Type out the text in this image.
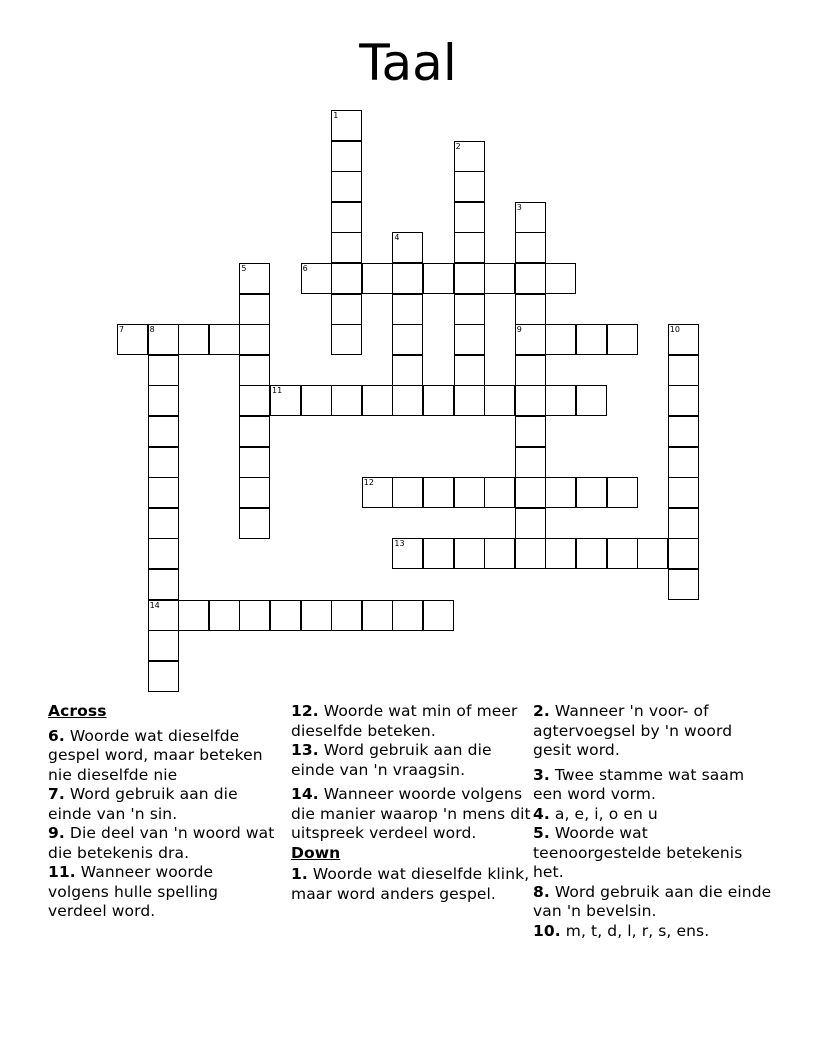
Taal
1
2
3
9
4
5	6
7	8
14
10
11
12
13
Across
6. Woorde wat dieselfde gespel word, maar beteken nie dieselfde nie
7. Word gebruik aan die einde van 'n sin.
9. Die deel van 'n woord wat die betekenis dra.
11. Wanneer woorde volgens hulle spelling verdeel word.
12. Woorde wat min of meer dieselfde beteken.
13. Word gebruik aan die einde van 'n vraagsin.
14. Wanneer woorde volgens die manier waarop 'n mens dit uitspreek verdeel word.
Down
1. Woorde wat dieselfde klink, maar word anders gespel.
2. Wanneer 'n voor- of agtervoegsel by 'n woord gesit word.
3. Twee stamme wat saam een word vorm.
4. a, e, i, o en u
5. Woorde wat teenoorgestelde betekenis het.
8. Word gebruik aan die einde van 'n bevelsin.
10. m, t, d, l, r, s, ens.
